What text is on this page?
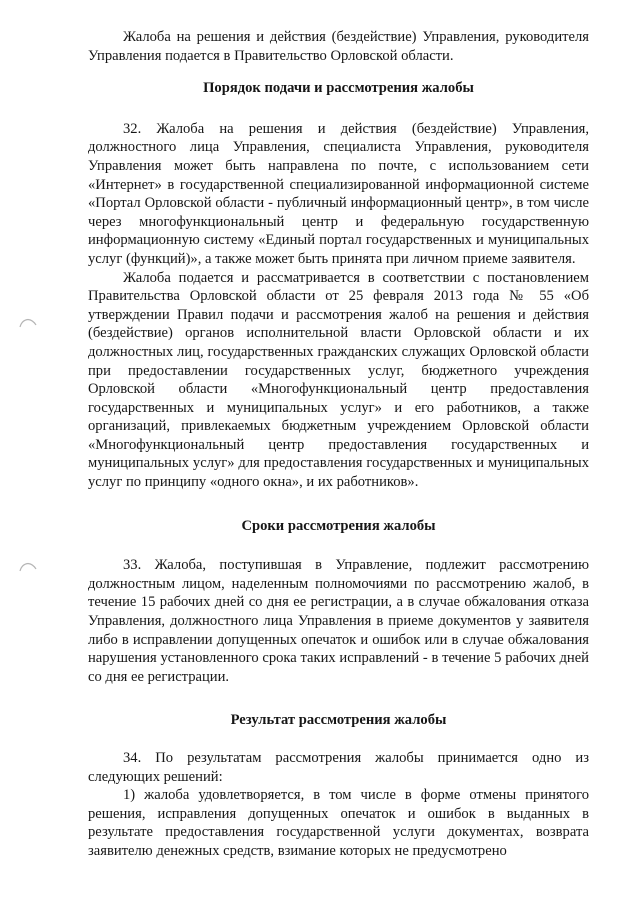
Жалоба на решения и действия (бездействие) Управления, руководителя Управления подается в Правительство Орловской области.

Порядок подачи и рассмотрения жалобы

32. Жалоба на решения и действия (бездействие) Управления, должностного лица Управления, специалиста Управления, руководителя Управления может быть направлена по почте, с использованием сети «Интернет» в государственной специализированной информационной системе «Портал Орловской области - публичный информационный центр», в том числе через многофункциональный центр и федеральную государственную информационную систему «Единый портал государственных и муниципальных услуг (функций)», а также может быть принята при личном приеме заявителя.

Жалоба подается и рассматривается в соответствии с постановлением Правительства Орловской области от 25 февраля 2013 года № 55 «Об утверждении Правил подачи и рассмотрения жалоб на решения и действия (бездействие) органов исполнительной власти Орловской области и их должностных лиц, государственных гражданских служащих Орловской области при предоставлении государственных услуг, бюджетного учреждения Орловской области «Многофункциональный центр предоставления государственных и муниципальных услуг» и его работников, а также организаций, привлекаемых бюджетным учреждением Орловской области «Многофункциональный центр предоставления государственных и муниципальных услуг» для предоставления государственных и муниципальных услуг по принципу «одного окна», и их работников».

Сроки рассмотрения жалобы

33. Жалоба, поступившая в Управление, подлежит рассмотрению должностным лицом, наделенным полномочиями по рассмотрению жалоб, в течение 15 рабочих дней со дня ее регистрации, а в случае обжалования отказа Управления, должностного лица Управления в приеме документов у заявителя либо в исправлении допущенных опечаток и ошибок или в случае обжалования нарушения установленного срока таких исправлений - в течение 5 рабочих дней со дня ее регистрации.

Результат рассмотрения жалобы

34. По результатам рассмотрения жалобы принимается одно из следующих решений:

1) жалоба удовлетворяется, в том числе в форме отмены принятого решения, исправления допущенных опечаток и ошибок в выданных в результате предоставления государственной услуги документах, возврата заявителю денежных средств, взимание которых не предусмотрено
